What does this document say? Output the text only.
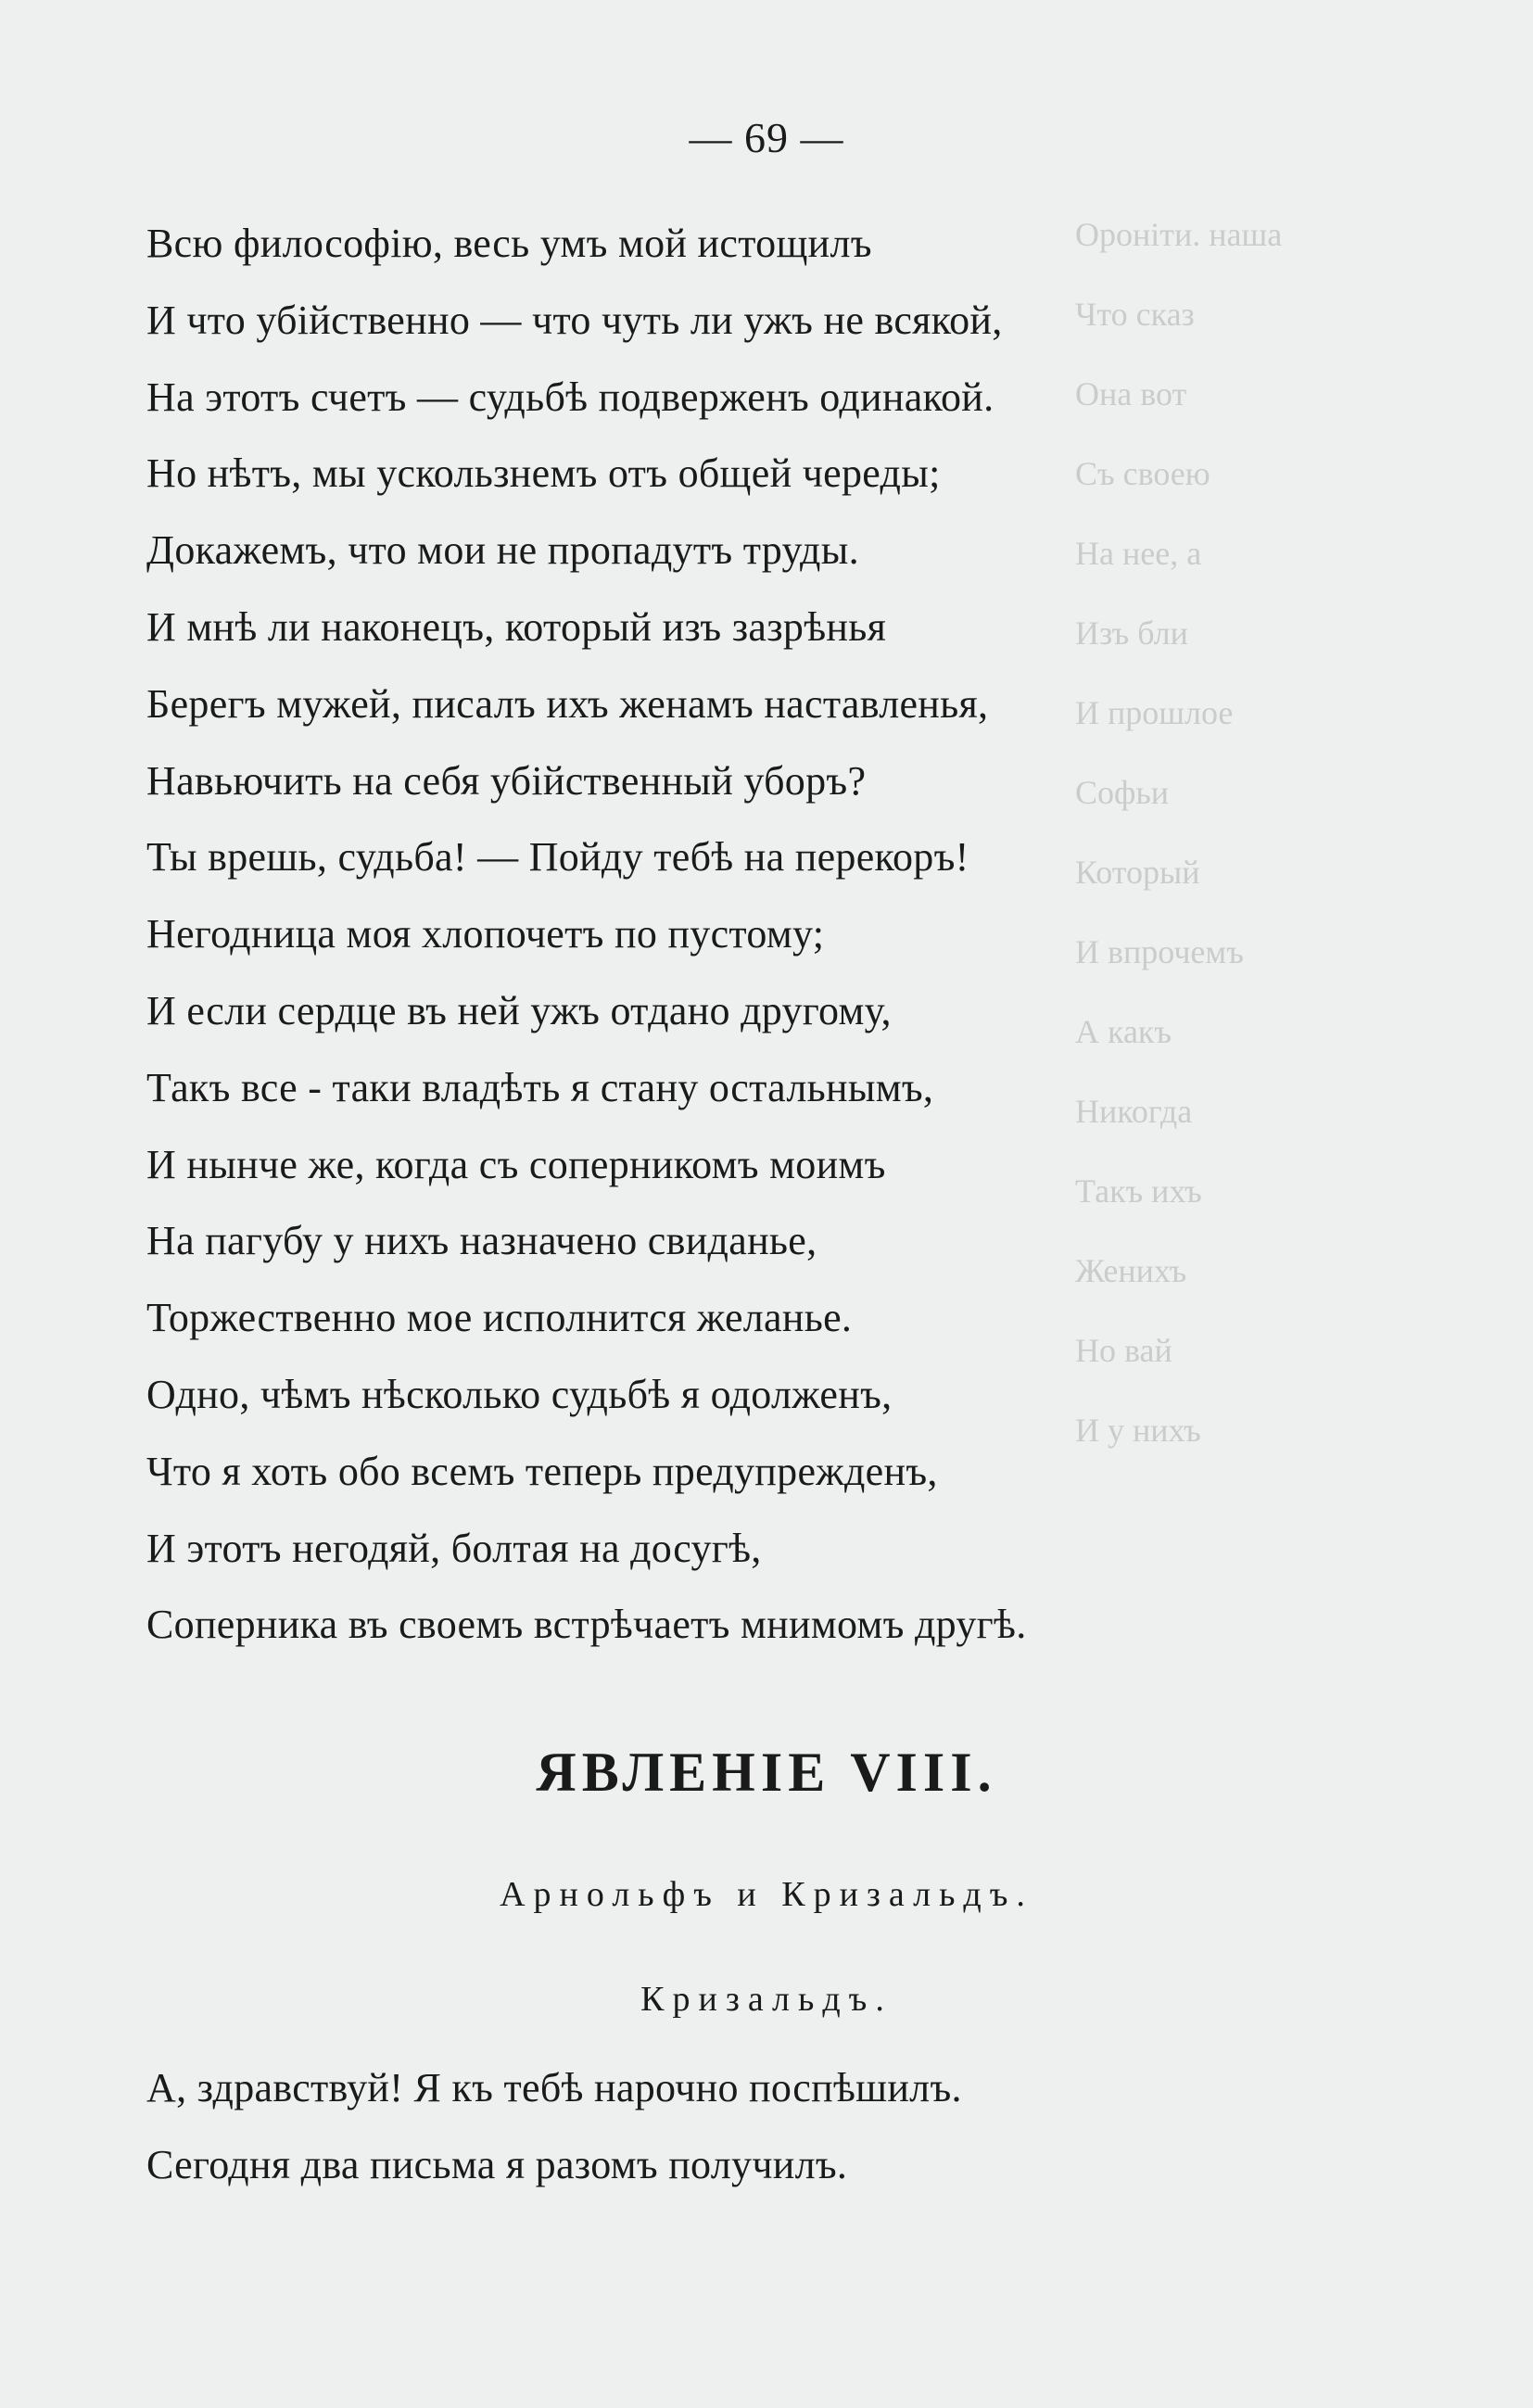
Ороніти. наша
Что сказ
Она вот
Съ своею
На нее, а
Изъ бли
И прошлое
Софьи
Который
И впрочемъ
А какъ
Никогда
Такъ ихъ
Женихъ
Но вай
И у нихъ
— 69 —
Всю философію, весь умъ мой истощилъ
И что убійственно — что чуть ли ужъ не всякой,
На этотъ счетъ — судьбѣ подверженъ одинакой.
Но нѣтъ, мы ускользнемъ отъ общей череды;
Докажемъ, что мои не пропадутъ труды.
И мнѣ ли наконецъ, который изъ зазрѣнья
Берегъ мужей, писалъ ихъ женамъ наставленья,
Навьючить на себя убійственный уборъ?
Ты врешь, судьба! — Пойду тебѣ на перекоръ!
Негодница моя хлопочетъ по пустому;
И если сердце въ ней ужъ отдано другому,
Такъ все - таки владѣть я стану остальнымъ,
И нынче же, когда съ соперникомъ моимъ
На пагубу у нихъ назначено свиданье,
Торжественно мое исполнится желанье.
Одно, чѣмъ нѣсколько судьбѣ я одолженъ,
Что я хоть обо всемъ теперь предупрежденъ,
И этотъ негодяй, болтая на досугѣ,
Соперника въ своемъ встрѣчаетъ мнимомъ другѣ.
ЯВЛЕНІЕ VIII.
Арнольфъ и Кризальдъ.
Кризальдъ.
А, здравствуй! Я къ тебѣ нарочно поспѣшилъ.
Сегодня два письма я разомъ получилъ.
